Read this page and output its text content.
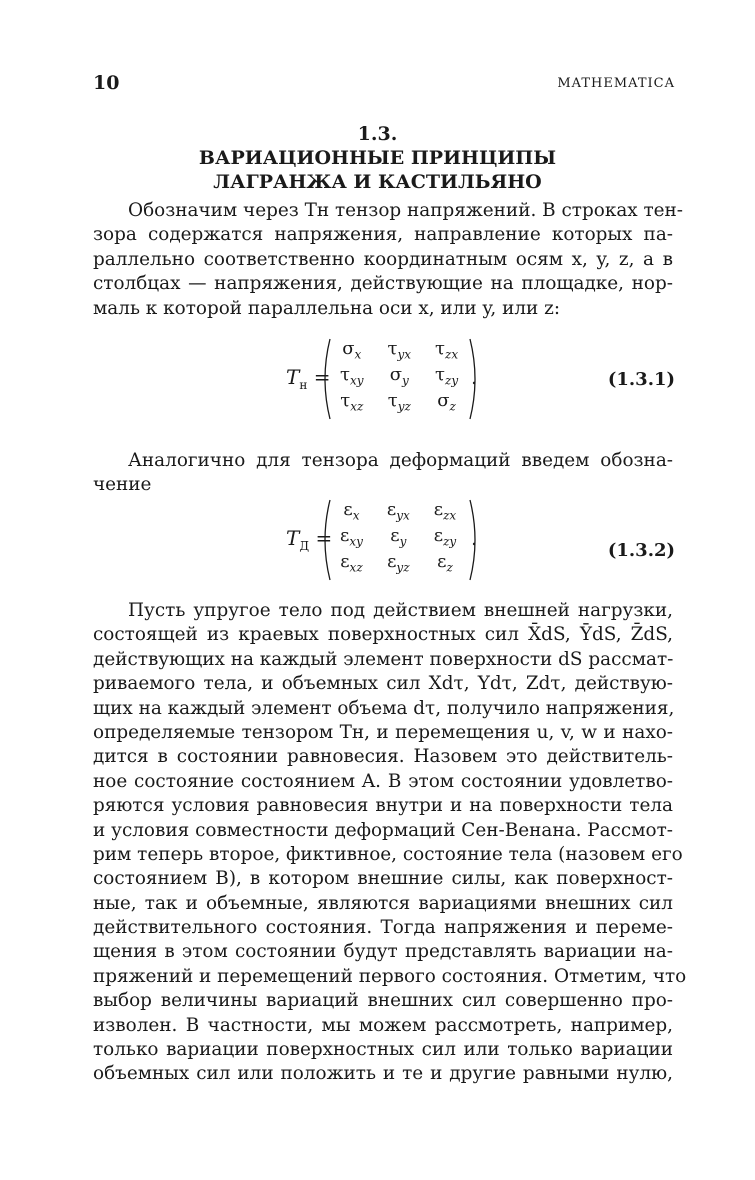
10	MATHEMATICA
1.3.
ВАРИАЦИОННЫЕ ПРИНЦИПЫ
ЛАГРАНЖА И КАСТИЛЬЯНО
Обозначим через Tн тензор напряжений. В строках тен-
зора содержатся напряжения, направление которых па-
раллельно соответственно координатным осям x, y, z, а в
столбцах — напряжения, действующие на площадке, нор-
маль к которой параллельна оси x, или y, или z:
$T_н$ =
$\sigma_x$	$\tau_{yx}$	$\tau_{zx}$
$\tau_{xy}$	$\sigma_y$	$\tau_{zy}$
$\tau_{xz}$	$\tau_{yz}$	$\sigma_z$
.	(1.3.1)
Аналогично для тензора деформаций введем обозна-
чение
$T_Д$ =
$\varepsilon_x$	$\varepsilon_{yx}$	$\varepsilon_{zx}$
$\varepsilon_{xy}$	$\varepsilon_y$	$\varepsilon_{zy}$
$\varepsilon_{xz}$	$\varepsilon_{yz}$	$\varepsilon_z$
.
(1.3.2)
Пусть упругое тело под действием внешней нагрузки,
состоящей из краевых поверхностных сил X̄dS, ȲdS, Z̄dS,
действующих на каждый элемент поверхности dS рассмат-
риваемого тела, и объемных сил Xdτ, Ydτ, Zdτ, действую-
щих на каждый элемент объема dτ, получило напряжения,
определяемые тензором Tн, и перемещения u, v, w и нахо-
дится в состоянии равновесия. Назовем это действитель-
ное состояние состоянием A. В этом состоянии удовлетво-
ряются условия равновесия внутри и на поверхности тела
и условия совместности деформаций Сен-Венана. Рассмот-
рим теперь второе, фиктивное, состояние тела (назовем его
состоянием B), в котором внешние силы, как поверхност-
ные, так и объемные, являются вариациями внешних сил
действительного состояния. Тогда напряжения и переме-
щения в этом состоянии будут представлять вариации на-
пряжений и перемещений первого состояния. Отметим, что
выбор величины вариаций внешних сил совершенно про-
изволен. В частности, мы можем рассмотреть, например,
только вариации поверхностных сил или только вариации
объемных сил или положить и те и другие равными нулю,
